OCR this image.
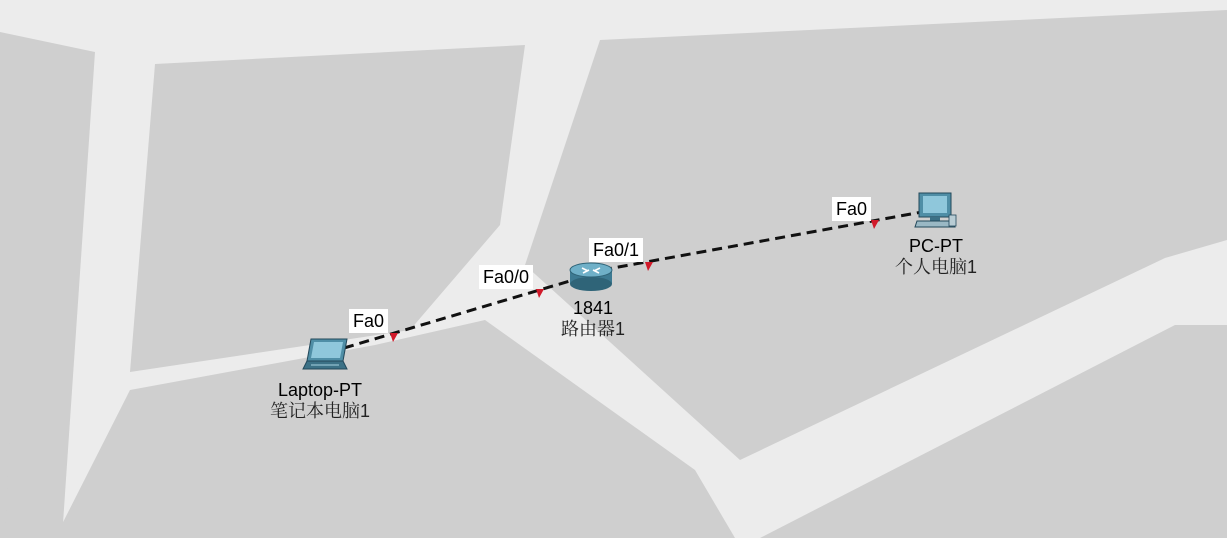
Fa0
Fa0/0
Fa0/1
Fa0
Laptop-PT
笔记本电脑1
1841
路由器1
PC-PT
个人电脑1
